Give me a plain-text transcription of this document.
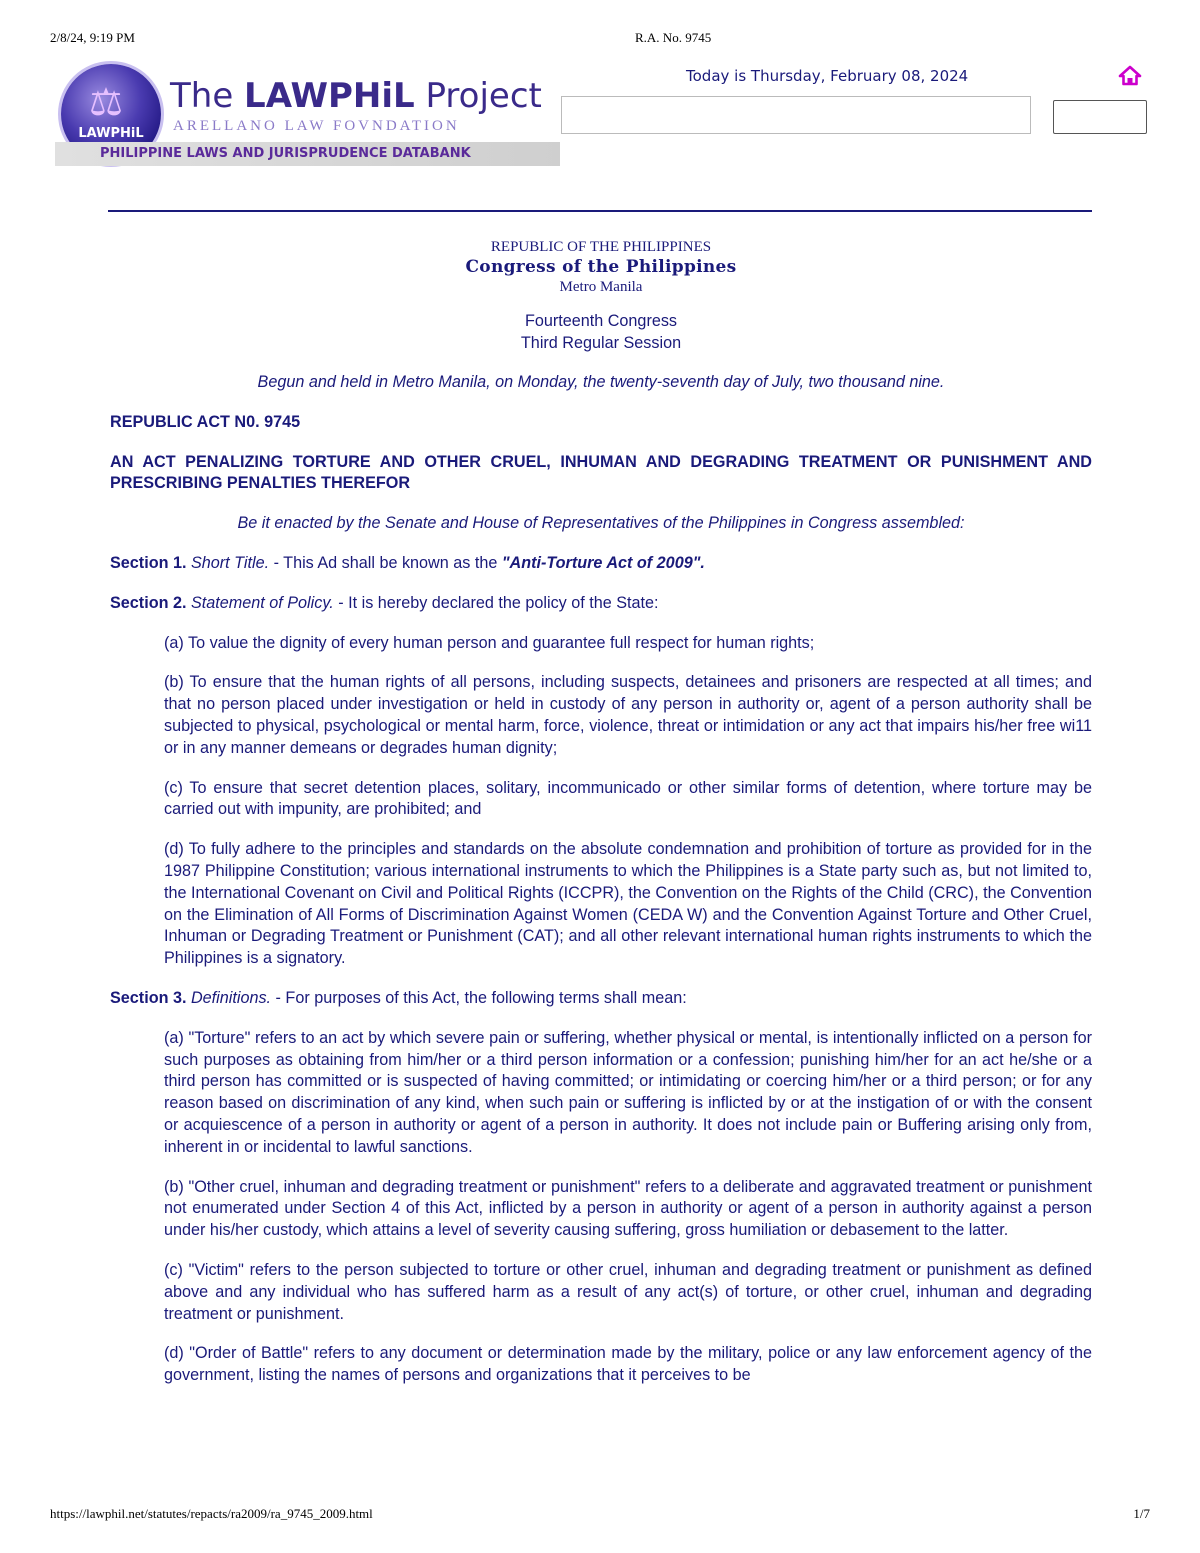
2/8/24, 9:19 PM	R.A. No. 9745
⚖
LAWPHiL
The LAWPHiL Project
ARELLANO LAW FOVNDATION
PHILIPPINE LAWS AND JURISPRUDENCE DATABANK
Today is Thursday, February 08, 2024
REPUBLIC OF THE PHILIPPINES
Congress of the Philippines
Metro Manila
Fourteenth Congress
Third Regular Session
Begun and held in Metro Manila, on Monday, the twenty-seventh day of July, two thousand nine.
REPUBLIC ACT N0. 9745
AN ACT PENALIZING TORTURE AND OTHER CRUEL, INHUMAN AND DEGRADING TREATMENT OR PUNISHMENT AND PRESCRIBING PENALTIES THEREFOR
Be it enacted by the Senate and House of Representatives of the Philippines in Congress assembled:

Section 1. Short Title. - This Ad shall be known as the "Anti-Torture Act of 2009".

Section 2. Statement of Policy. - It is hereby declared the policy of the State:

(a) To value the dignity of every human person and guarantee full respect for human rights;

(b) To ensure that the human rights of all persons, including suspects, detainees and prisoners are respected at all times; and that no person placed under investigation or held in custody of any person in authority or, agent of a person authority shall be subjected to physical, psychological or mental harm, force, violence, threat or intimidation or any act that impairs his/her free wi11 or in any manner demeans or degrades human dignity;

(c) To ensure that secret detention places, solitary, incommunicado or other similar forms of detention, where torture may be carried out with impunity, are prohibited; and

(d) To fully adhere to the principles and standards on the absolute condemnation and prohibition of torture as provided for in the 1987 Philippine Constitution; various international instruments to which the Philippines is a State party such as, but not limited to, the International Covenant on Civil and Political Rights (ICCPR), the Convention on the Rights of the Child (CRC), the Convention on the Elimination of All Forms of Discrimination Against Women (CEDA W) and the Convention Against Torture and Other Cruel, Inhuman or Degrading Treatment or Punishment (CAT); and all other relevant international human rights instruments to which the Philippines is a signatory.

Section 3. Definitions. - For purposes of this Act, the following terms shall mean:

(a) "Torture" refers to an act by which severe pain or suffering, whether physical or mental, is intentionally inflicted on a person for such purposes as obtaining from him/her or a third person information or a confession; punishing him/her for an act he/she or a third person has committed or is suspected of having committed; or intimidating or coercing him/her or a third person; or for any reason based on discrimination of any kind, when such pain or suffering is inflicted by or at the instigation of or with the consent or acquiescence of a person in authority or agent of a person in authority. It does not include pain or Buffering arising only from, inherent in or incidental to lawful sanctions.

(b) "Other cruel, inhuman and degrading treatment or punishment" refers to a deliberate and aggravated treatment or punishment not enumerated under Section 4 of this Act, inflicted by a person in authority or agent of a person in authority against a person under his/her custody, which attains a level of severity causing suffering, gross humiliation or debasement to the latter.

(c) "Victim" refers to the person subjected to torture or other cruel, inhuman and degrading treatment or punishment as defined above and any individual who has suffered harm as a result of any act(s) of torture, or other cruel, inhuman and degrading treatment or punishment.

(d) "Order of Battle" refers to any document or determination made by the military, police or any law enforcement agency of the government, listing the names of persons and organizations that it perceives to be

https://lawphil.net/statutes/repacts/ra2009/ra_9745_2009.html	1/7
